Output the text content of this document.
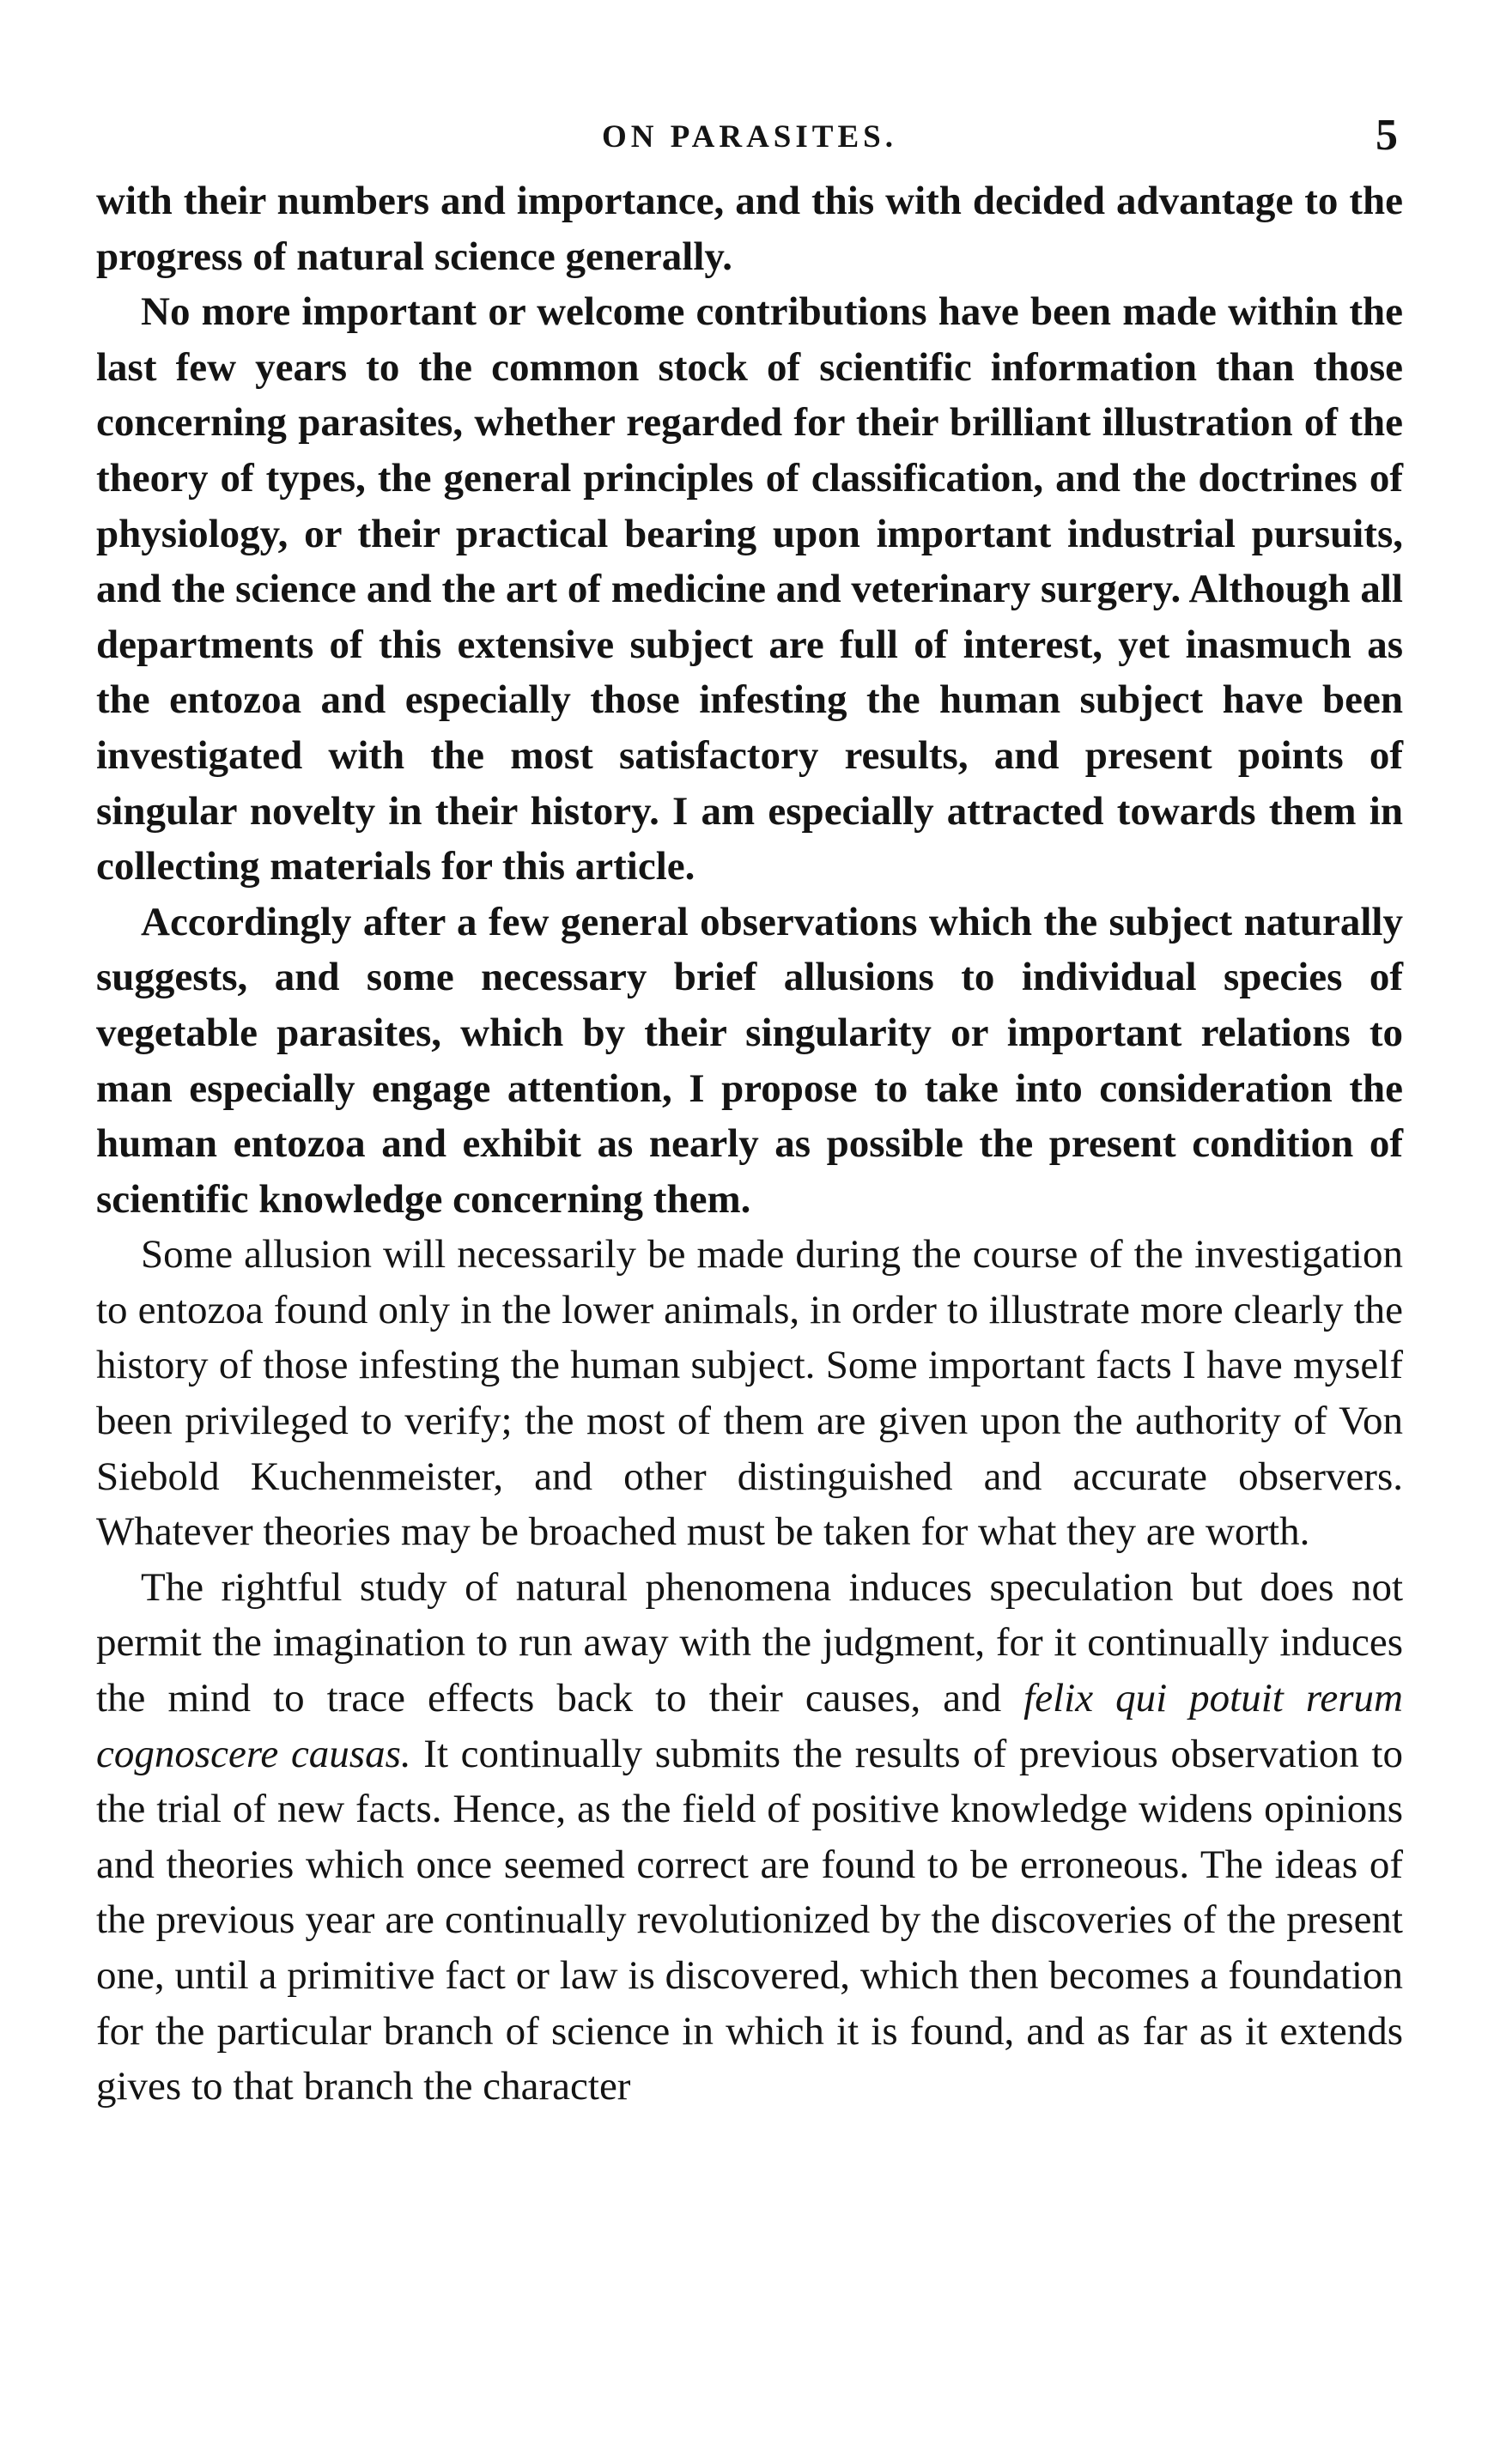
ON PARASITES.	5

with their numbers and importance, and this with decided advantage to the progress of natural science generally.

No more important or welcome contributions have been made within the last few years to the common stock of scientific information than those concerning parasites, whether regarded for their brilliant illustration of the theory of types, the general principles of classification, and the doctrines of physiology, or their practical bearing upon important industrial pursuits, and the science and the art of medicine and veterinary surgery. Although all departments of this extensive subject are full of interest, yet inasmuch as the entozoa and especially those infesting the human subject have been investigated with the most satisfactory results, and present points of singular novelty in their history. I am especially attracted towards them in collecting materials for this article.

Accordingly after a few general observations which the subject naturally suggests, and some necessary brief allusions to individual species of vegetable parasites, which by their singularity or important relations to man especially engage attention, I propose to take into consideration the human entozoa and exhibit as nearly as possible the present condition of scientific knowledge concerning them.

Some allusion will necessarily be made during the course of the investigation to entozoa found only in the lower animals, in order to illustrate more clearly the history of those infesting the human subject. Some important facts I have myself been privileged to verify; the most of them are given upon the authority of Von Siebold Kuchenmeister, and other distinguished and accurate observers. Whatever theories may be broached must be taken for what they are worth.

The rightful study of natural phenomena induces speculation but does not permit the imagination to run away with the judgment, for it continually induces the mind to trace effects back to their causes, and felix qui potuit rerum cognoscere causas. It continually submits the results of previous observation to the trial of new facts. Hence, as the field of positive knowledge widens opinions and theories which once seemed correct are found to be erroneous. The ideas of the previous year are continually revolutionized by the discoveries of the present one, until a primitive fact or law is discovered, which then becomes a foundation for the particular branch of science in which it is found, and as far as it extends gives to that branch the character
